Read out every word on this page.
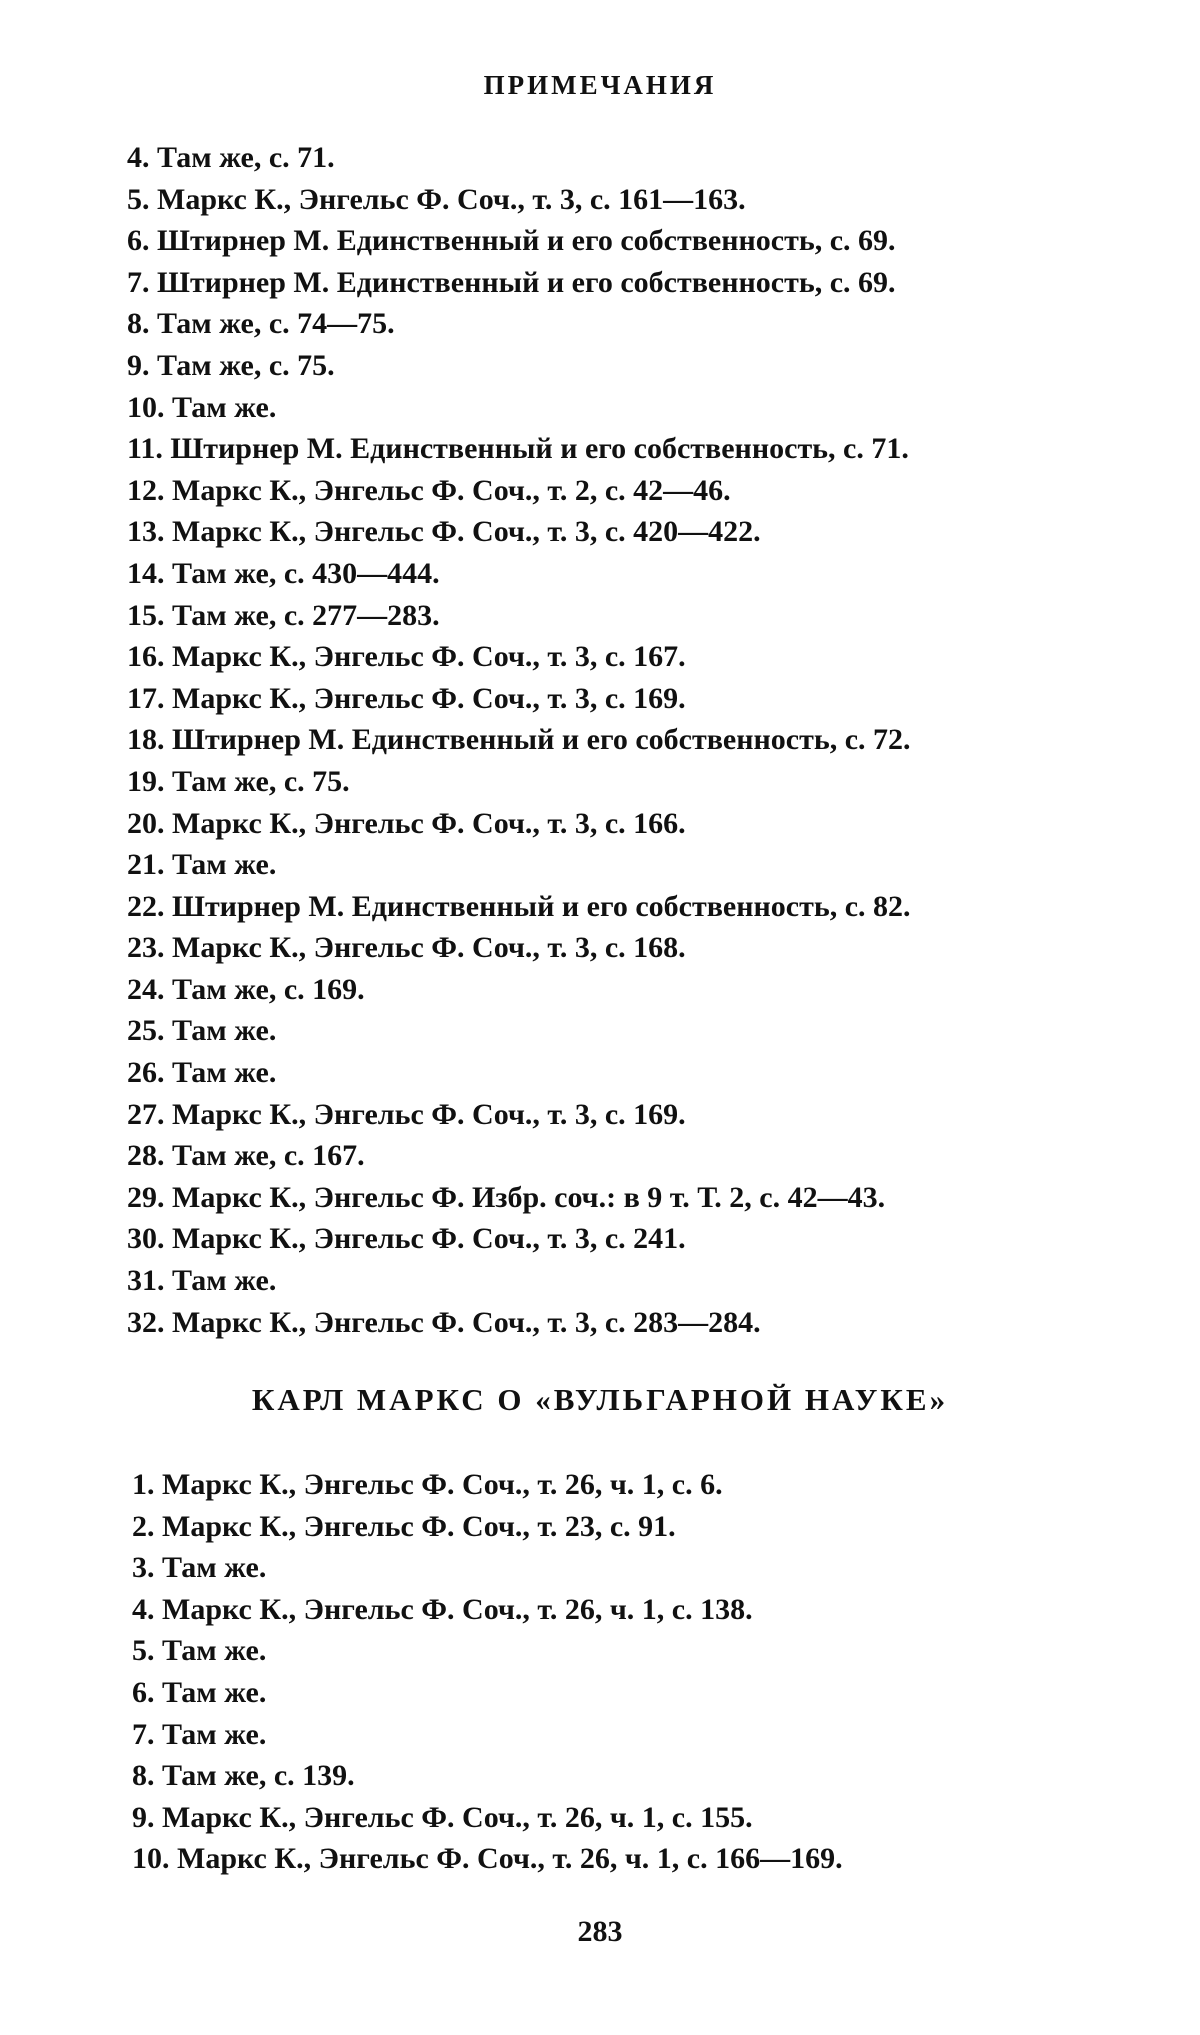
ПРИМЕЧАНИЯ
4. Там же, с. 71.
5. Маркс К., Энгельс Ф. Соч., т. 3, с. 161—163.
6. Штирнер М. Единственный и его собственность, с. 69.
7. Штирнер М. Единственный и его собственность, с. 69.
8. Там же, с. 74—75.
9. Там же, с. 75.
10. Там же.
11. Штирнер М. Единственный и его собственность, с. 71.
12. Маркс К., Энгельс Ф. Соч., т. 2, с. 42—46.
13. Маркс К., Энгельс Ф. Соч., т. 3, с. 420—422.
14. Там же, с. 430—444.
15. Там же, с. 277—283.
16. Маркс К., Энгельс Ф. Соч., т. 3, с. 167.
17. Маркс К., Энгельс Ф. Соч., т. 3, с. 169.
18. Штирнер М. Единственный и его собственность, с. 72.
19. Там же, с. 75.
20. Маркс К., Энгельс Ф. Соч., т. 3, с. 166.
21. Там же.
22. Штирнер М. Единственный и его собственность, с. 82.
23. Маркс К., Энгельс Ф. Соч., т. 3, с. 168.
24. Там же, с. 169.
25. Там же.
26. Там же.
27. Маркс К., Энгельс Ф. Соч., т. 3, с. 169.
28. Там же, с. 167.
29. Маркс К., Энгельс Ф. Избр. соч.: в 9 т. Т. 2, с. 42—43.
30. Маркс К., Энгельс Ф. Соч., т. 3, с. 241.
31. Там же.
32. Маркс К., Энгельс Ф. Соч., т. 3, с. 283—284.
КАРЛ МАРКС О «ВУЛЬГАРНОЙ НАУКЕ»
1. Маркс К., Энгельс Ф. Соч., т. 26, ч. 1, с. 6.
2. Маркс К., Энгельс Ф. Соч., т. 23, с. 91.
3. Там же.
4. Маркс К., Энгельс Ф. Соч., т. 26, ч. 1, с. 138.
5. Там же.
6. Там же.
7. Там же.
8. Там же, с. 139.
9. Маркс К., Энгельс Ф. Соч., т. 26, ч. 1, с. 155.
10. Маркс К., Энгельс Ф. Соч., т. 26, ч. 1, с. 166—169.
283
